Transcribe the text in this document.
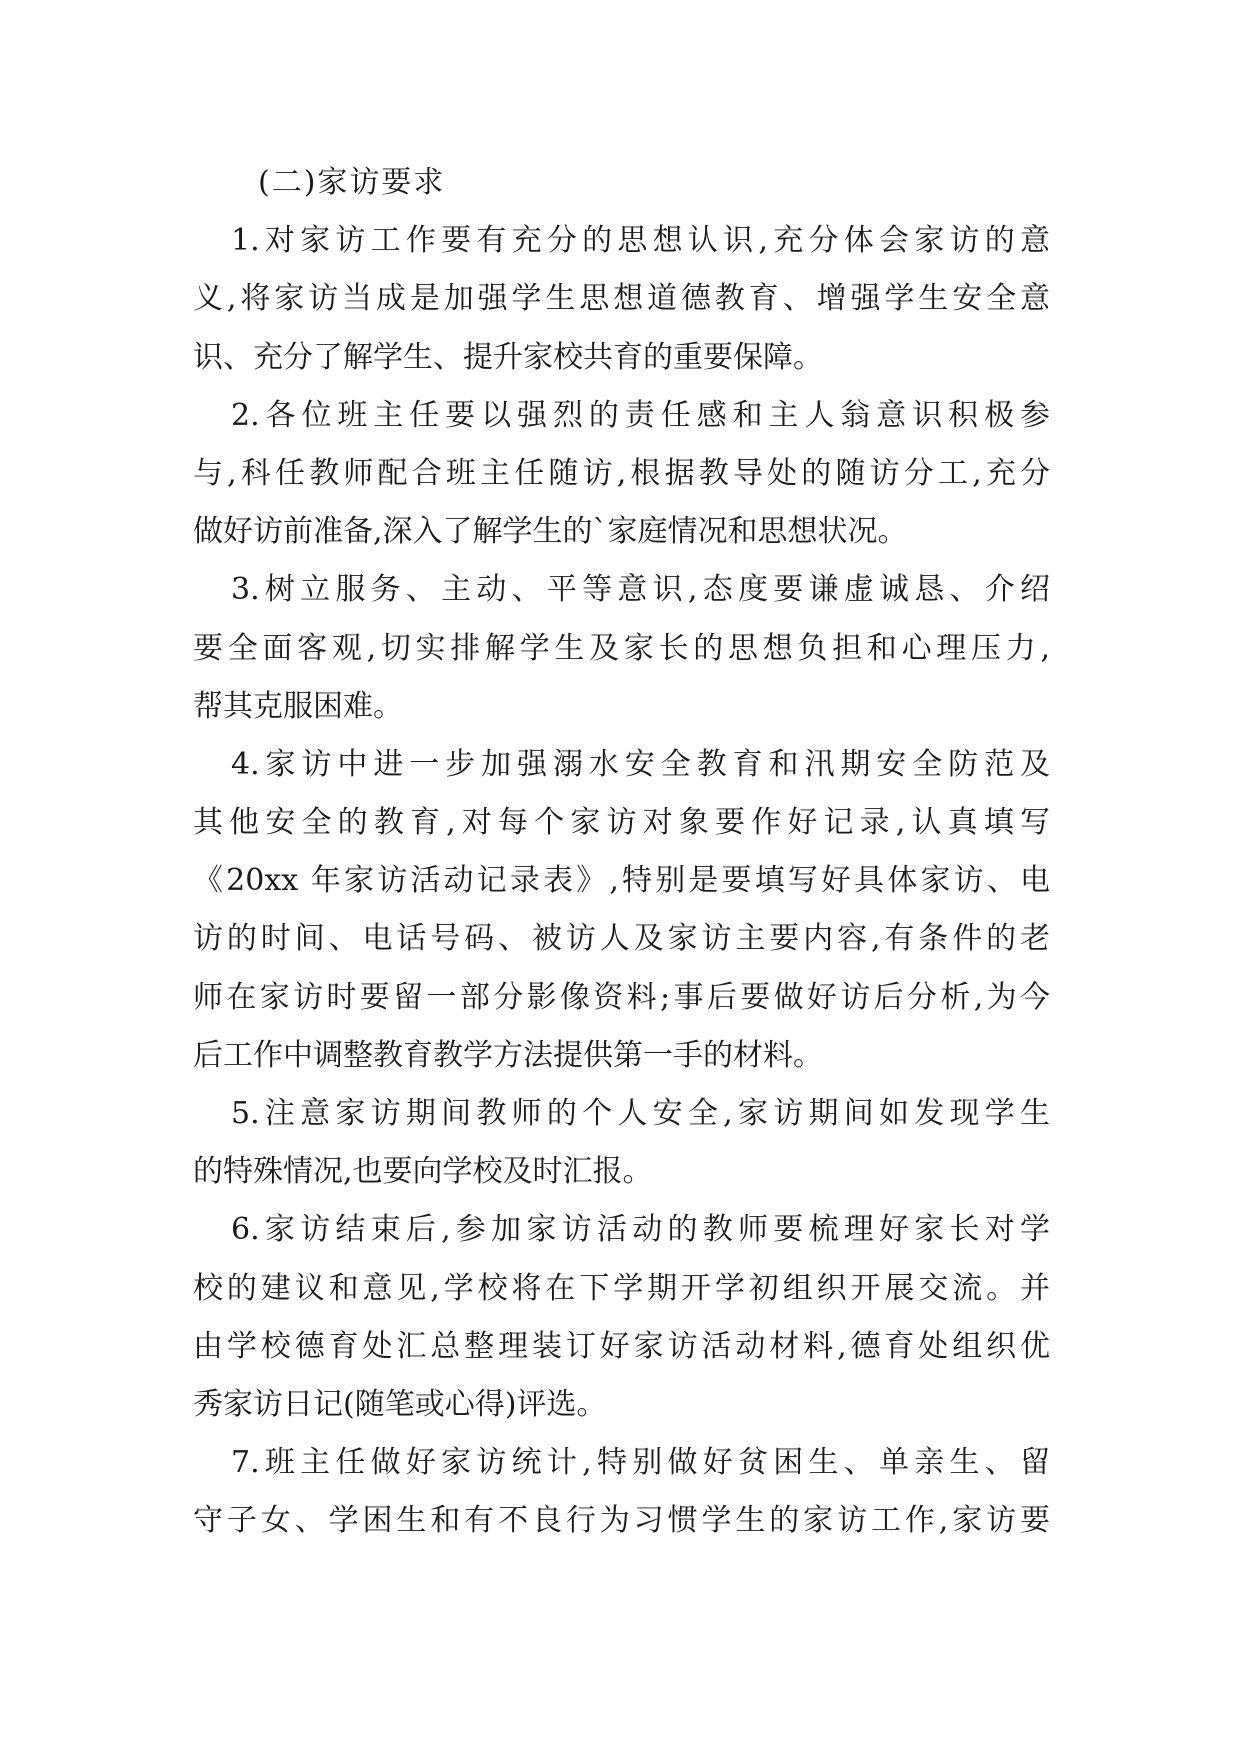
(二)家访要求
1.对家访工作要有充分的思想认识,充分体会家访的意
义,将家访当成是加强学生思想道德教育、增强学生安全意
识、充分了解学生、提升家校共育的重要保障。
2.各位班主任要以强烈的责任感和主人翁意识积极参
与,科任教师配合班主任随访,根据教导处的随访分工,充分
做好访前准备,深入了解学生的`家庭情况和思想状况。
3.树立服务、主动、平等意识,态度要谦虚诚恳、介绍
要全面客观,切实排解学生及家长的思想负担和心理压力,
帮其克服困难。
4.家访中进一步加强溺水安全教育和汛期安全防范及
其他安全的教育,对每个家访对象要作好记录,认真填写
《20xx 年家访活动记录表》,特别是要填写好具体家访、电
访的时间、电话号码、被访人及家访主要内容,有条件的老
师在家访时要留一部分影像资料;事后要做好访后分析,为今
后工作中调整教育教学方法提供第一手的材料。
5.注意家访期间教师的个人安全,家访期间如发现学生
的特殊情况,也要向学校及时汇报。
6.家访结束后,参加家访活动的教师要梳理好家长对学
校的建议和意见,学校将在下学期开学初组织开展交流。并
由学校德育处汇总整理装订好家访活动材料,德育处组织优
秀家访日记(随笔或心得)评选。
7.班主任做好家访统计,特别做好贫困生、单亲生、留
守子女、学困生和有不良行为习惯学生的家访工作,家访要
